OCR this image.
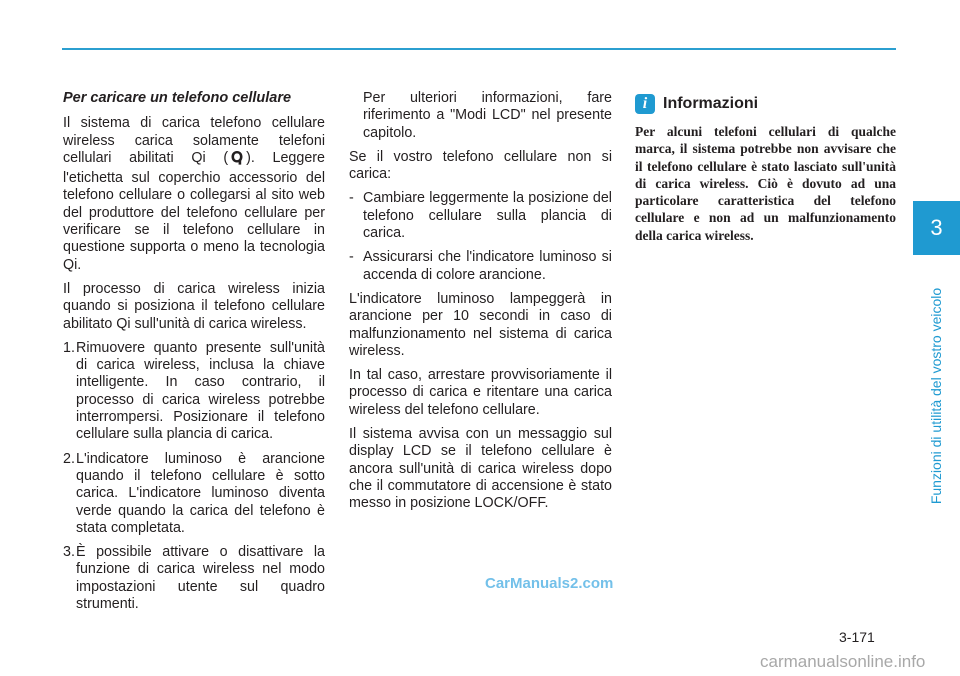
3
Funzioni di utilità del vostro veicolo
Per caricare un telefono cellulare

Il sistema di carica telefono cellulare wireless carica solamente telefoni cellulari abilitati Qi ( ). Leggere l'etichetta sul coperchio accessorio del telefono cellulare o collegarsi al sito web del produttore del telefono cellulare per verificare se il telefono cellulare in questione supporta o meno la tecnologia Qi.

Il processo di carica wireless inizia quando si posiziona il telefono cellulare abilitato Qi sull'unità di carica wireless.

1. Rimuovere quanto presente sull'unità di carica wireless, inclusa la chiave intelligente. In caso contrario, il processo di carica wireless potrebbe interrompersi. Posizionare il telefono cellulare sulla plancia di carica.
2. L'indicatore luminoso è arancione quando il telefono cellulare è sotto carica. L'indicatore luminoso diventa verde quando la carica del telefono è stata completata.
3. È possibile attivare o disattivare la funzione di carica wireless nel modo impostazioni utente sul quadro strumenti.

Per ulteriori informazioni, fare riferimento a "Modi LCD" nel presente capitolo.

Se il vostro telefono cellulare non si carica:

- Cambiare leggermente la posizione del telefono cellulare sulla plancia di carica.
- Assicurarsi che l'indicatore luminoso si accenda di colore arancione.

L'indicatore luminoso lampeggerà in arancione per 10 secondi in caso di malfunzionamento nel sistema di carica wireless.

In tal caso, arrestare provvisoriamente il processo di carica e ritentare una carica wireless del telefono cellulare.

Il sistema avvisa con un messaggio sul display LCD se il telefono cellulare è ancora sull'unità di carica wireless dopo che il commutatore di accensione è stato messo in posizione LOCK/OFF.

i Informazioni

Per alcuni telefoni cellulari di qualche marca, il sistema potrebbe non avvisare che il telefono cellulare è stato lasciato sull'unità di carica wireless. Ciò è dovuto ad una particolare caratteristica del telefono cellulare e non ad un malfunzionamento della carica wireless.

CarManuals2.com
3-171
carmanualsonline.info
